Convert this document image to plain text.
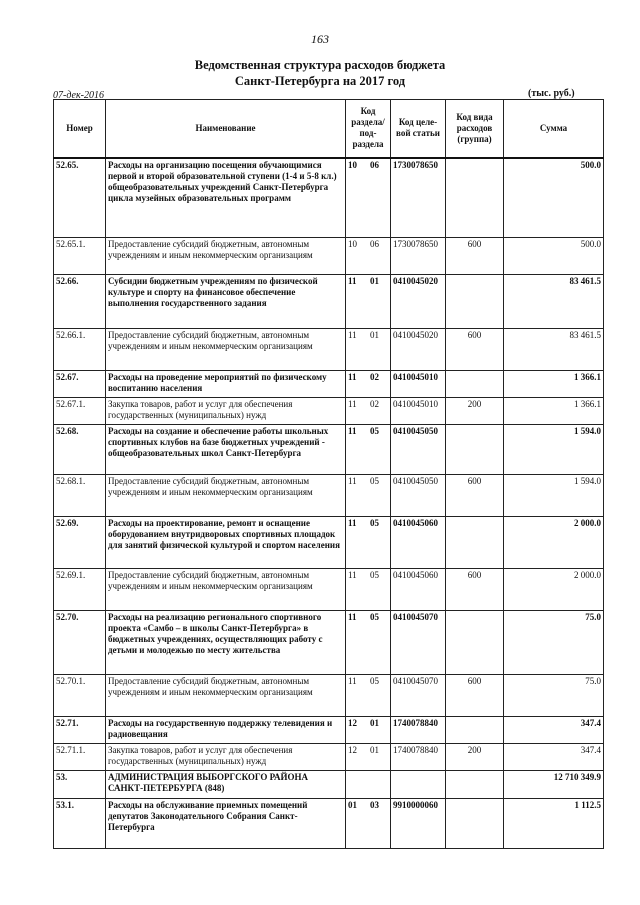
163
Ведомственная структура расходов бюджета
Санкт-Петербурга на 2017 год
07-дек-2016	(тыс. руб.)
Номер	Наименование	Код раздела/ под- раздела	Код целе- вой статьи	Код вида расходов (группа)	Сумма
52.65.	Расходы на организацию посещения обучающимися первой и второй образовательной ступени (1-4 и 5-8 кл.) общеобразовательных учреждений Санкт-Петербурга цикла музейных образовательных программ	10 06	1730078650		500.0
52.65.1.	Предоставление субсидий бюджетным, автономным учреждениям и иным некоммерческим организациям	10 06	1730078650	600	500.0
52.66.	Субсидии бюджетным учреждениям по физической культуре и спорту на финансовое обеспечение выполнения государственного задания	11 01	0410045020		83 461.5
52.66.1.	Предоставление субсидий бюджетным, автономным учреждениям и иным некоммерческим организациям	11 01	0410045020	600	83 461.5
52.67.	Расходы на проведение мероприятий по физическому воспитанию населения	11 02	0410045010		1 366.1
52.67.1.	Закупка товаров, работ и услуг для обеспечения государственных (муниципальных) нужд	11 02	0410045010	200	1 366.1
52.68.	Расходы на создание и обеспечение работы школьных спортивных клубов на базе бюджетных учреждений - общеобразовательных школ Санкт-Петербурга	11 05	0410045050		1 594.0
52.68.1.	Предоставление субсидий бюджетным, автономным учреждениям и иным некоммерческим организациям	11 05	0410045050	600	1 594.0
52.69.	Расходы на проектирование, ремонт и оснащение оборудованием внутридворовых спортивных площадок для занятий физической культурой и спортом населения	11 05	0410045060		2 000.0
52.69.1.	Предоставление субсидий бюджетным, автономным учреждениям и иным некоммерческим организациям	11 05	0410045060	600	2 000.0
52.70.	Расходы на реализацию регионального спортивного проекта «Самбо – в школы Санкт-Петербурга» в бюджетных учреждениях, осуществляющих работу с детьми и молодежью по месту жительства	11 05	0410045070		75.0
52.70.1.	Предоставление субсидий бюджетным, автономным учреждениям и иным некоммерческим организациям	11 05	0410045070	600	75.0
52.71.	Расходы на государственную поддержку телевидения и радиовещания	12 01	1740078840		347.4
52.71.1.	Закупка товаров, работ и услуг для обеспечения государственных (муниципальных) нужд	12 01	1740078840	200	347.4
53.	АДМИНИСТРАЦИЯ ВЫБОРГСКОГО РАЙОНА САНКТ-ПЕТЕРБУРГА (848)				12 710 349.9
53.1.	Расходы на обслуживание приемных помещений депутатов Законодательного Собрания Санкт-Петербурга	01 03	9910000060		1 112.5
